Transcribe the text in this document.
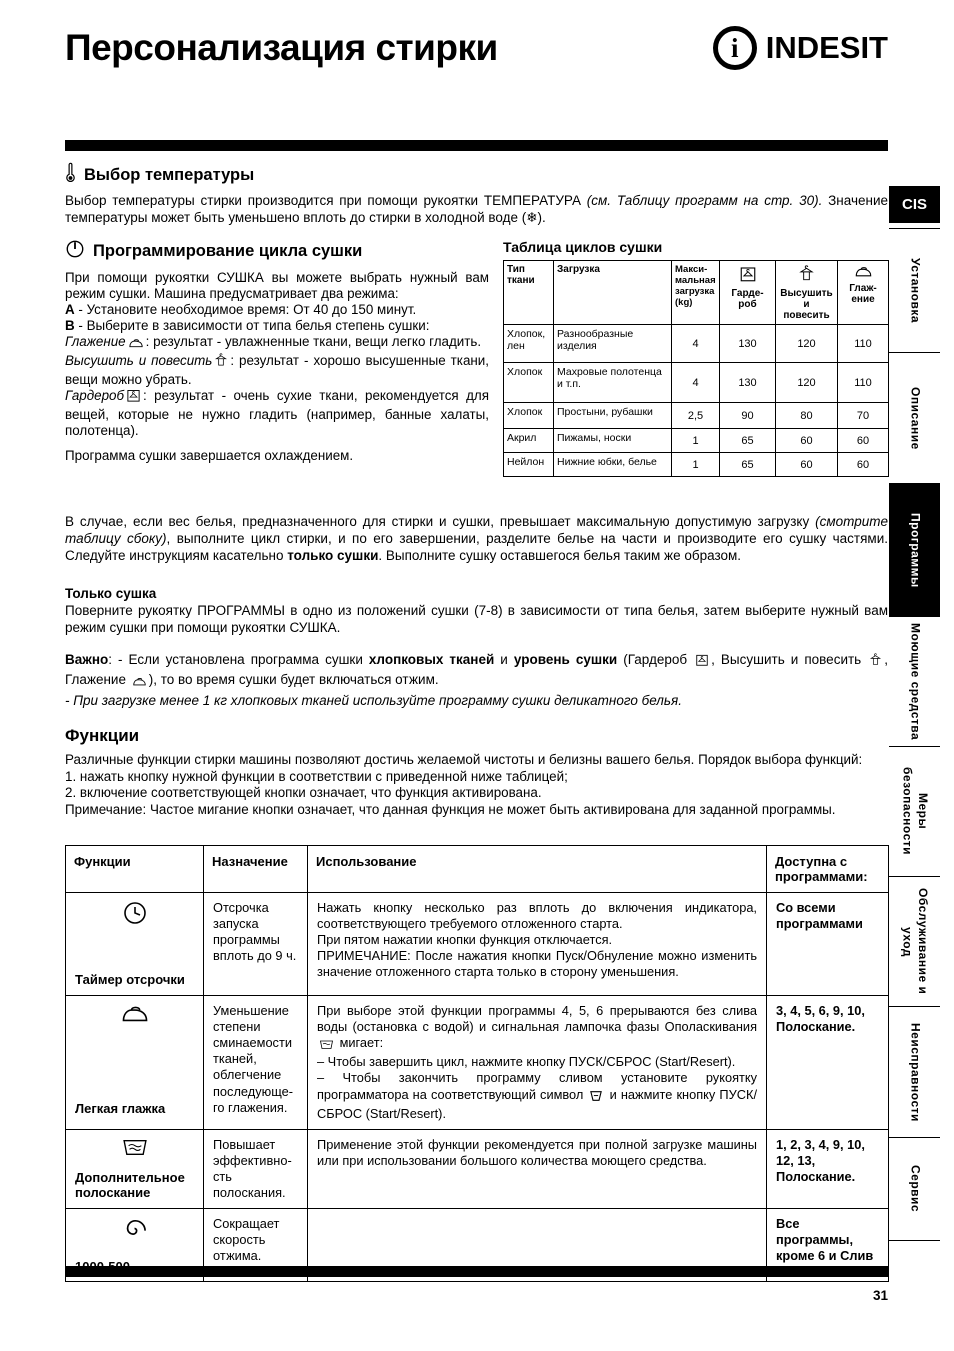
Персонализация стирки	i INDESIT
Выбор температуры

Выбор температуры стирки производится при помощи рукоятки ТЕМПЕРАТУРА (см. Таблицу программ на стр. 30). Значение температуры может быть уменьшено вплоть до стирки в холодной воде (❄).

Программирование цикла сушки

При помощи рукоятки СУШКА вы можете выбрать нужный вам режим сушки. Машина предусматривает два режима:

A - Установите необходимое время: От 40 до 150 минут.

B - Выберите в зависимости от типа белья степень сушки:

Глажение : результат - увлажненные ткани, вещи легко гладить.

Высушить и повесить : результат - хорошо высушенные ткани, вещи можно убрать.

Гардероб : результат - очень сухие ткани, рекомендуется для вещей, которые не нужно гладить (например, банные халаты, полотенца).

Программа сушки завершается охлаждением.

Таблица циклов сушки
Тип ткани	Загрузка	Макси- мальная загрузка (kg)	Гарде- роб	Высушить и повесить	Глаж- ение
Хлопок, лен	Разнообразные изделия	4	130	120	110
Хлопок	Махровые полотенца и т.п.	4	130	120	110
Хлопок	Простыни, рубашки	2,5	90	80	70
Акрил	Пижамы, носки	1	65	60	60
Нейлон	Нижние юбки, белье	1	65	60	60

В случае, если вес белья, предназначенного для стирки и сушки, превышает максимальную допустимую загрузку (смотрите таблицу сбоку), выполните цикл стирки, и по его завершении, разделите белье на части и производите его сушку частями. Следуйте инструкциям касательно только сушки. Выполните сушку оставшегося белья таким же образом.

Только сушка

Поверните рукоятку ПРОГРАММЫ в одно из положений сушки (7-8) в зависимости от типа белья, затем выберите нужный вам режим сушки при помощи рукоятки СУШКА.

Важно: - Если установлена программа сушки хлопковых тканей и уровень сушки (Гардероб , Высушить и повесить , Глажение ), то во время сушки будет включаться отжим.

- При загрузке менее 1 кг хлопковых тканей используйте программу сушки деликатного белья.

Функции

Различные функции стирки машины позволяют достичь желаемой чистоты и белизны вашего белья. Порядок выбора функций:

1. нажать кнопку нужной функции в соответствии с приведенной ниже таблицей;

2. включение соответствующей кнопки означает, что функция активирована.

Примечание: Частое мигание кнопки означает, что данная функция не может быть активирована для заданной программы.

Функции	Назначение	Использование	Доступна с программами:

Таймер отсрочки	Отсрочка запуска программы вплоть до 9 ч.	Нажать кнопку несколько раз вплоть до включения индикатора, соответствующего требуемого отложенного старта.
При пятом нажатии кнопки функция отключается.
ПРИМЕЧАНИЕ: После нажатия кнопки Пуск/Обнуление можно изменить значение отложенного старта только в сторону уменьшения.	Со всеми программами

Легкая глажка	Уменьшение степени сминаемости тканей, облегчение последующе-го глажения.	При выборе этой функции программы 4, 5, 6 прерываются без слива воды (остановка с водой) и сигнальная лампочка фазы Ополаскивания  мигает:
– Чтобы завершить цикл, нажмите кнопку ПУСК/СБРОС (Start/Resert).
– Чтобы закончить программу сливом установите рукоятку программатора на соответствующий символ и нажмите кнопку ПУСК/СБРОС (Start/Resert).	3, 4, 5, 6, 9, 10, Полоскание.

Дополнительное полоскание	Повышает эффективно-сть полоскания.	Применение этой функции рекомендуется при полной загрузке машины или при использовании большого количества моющего средства.	1, 2, 3, 4, 9, 10, 12, 13, Полоскание.

	Сокращает скорость отжима.		Все программы, кроме 6 и Слив
31
CIS
Установка
Описание
Программы
Моющие средства
Меры безопасности
Обслуживание и уход
Неисправности
Сервис
